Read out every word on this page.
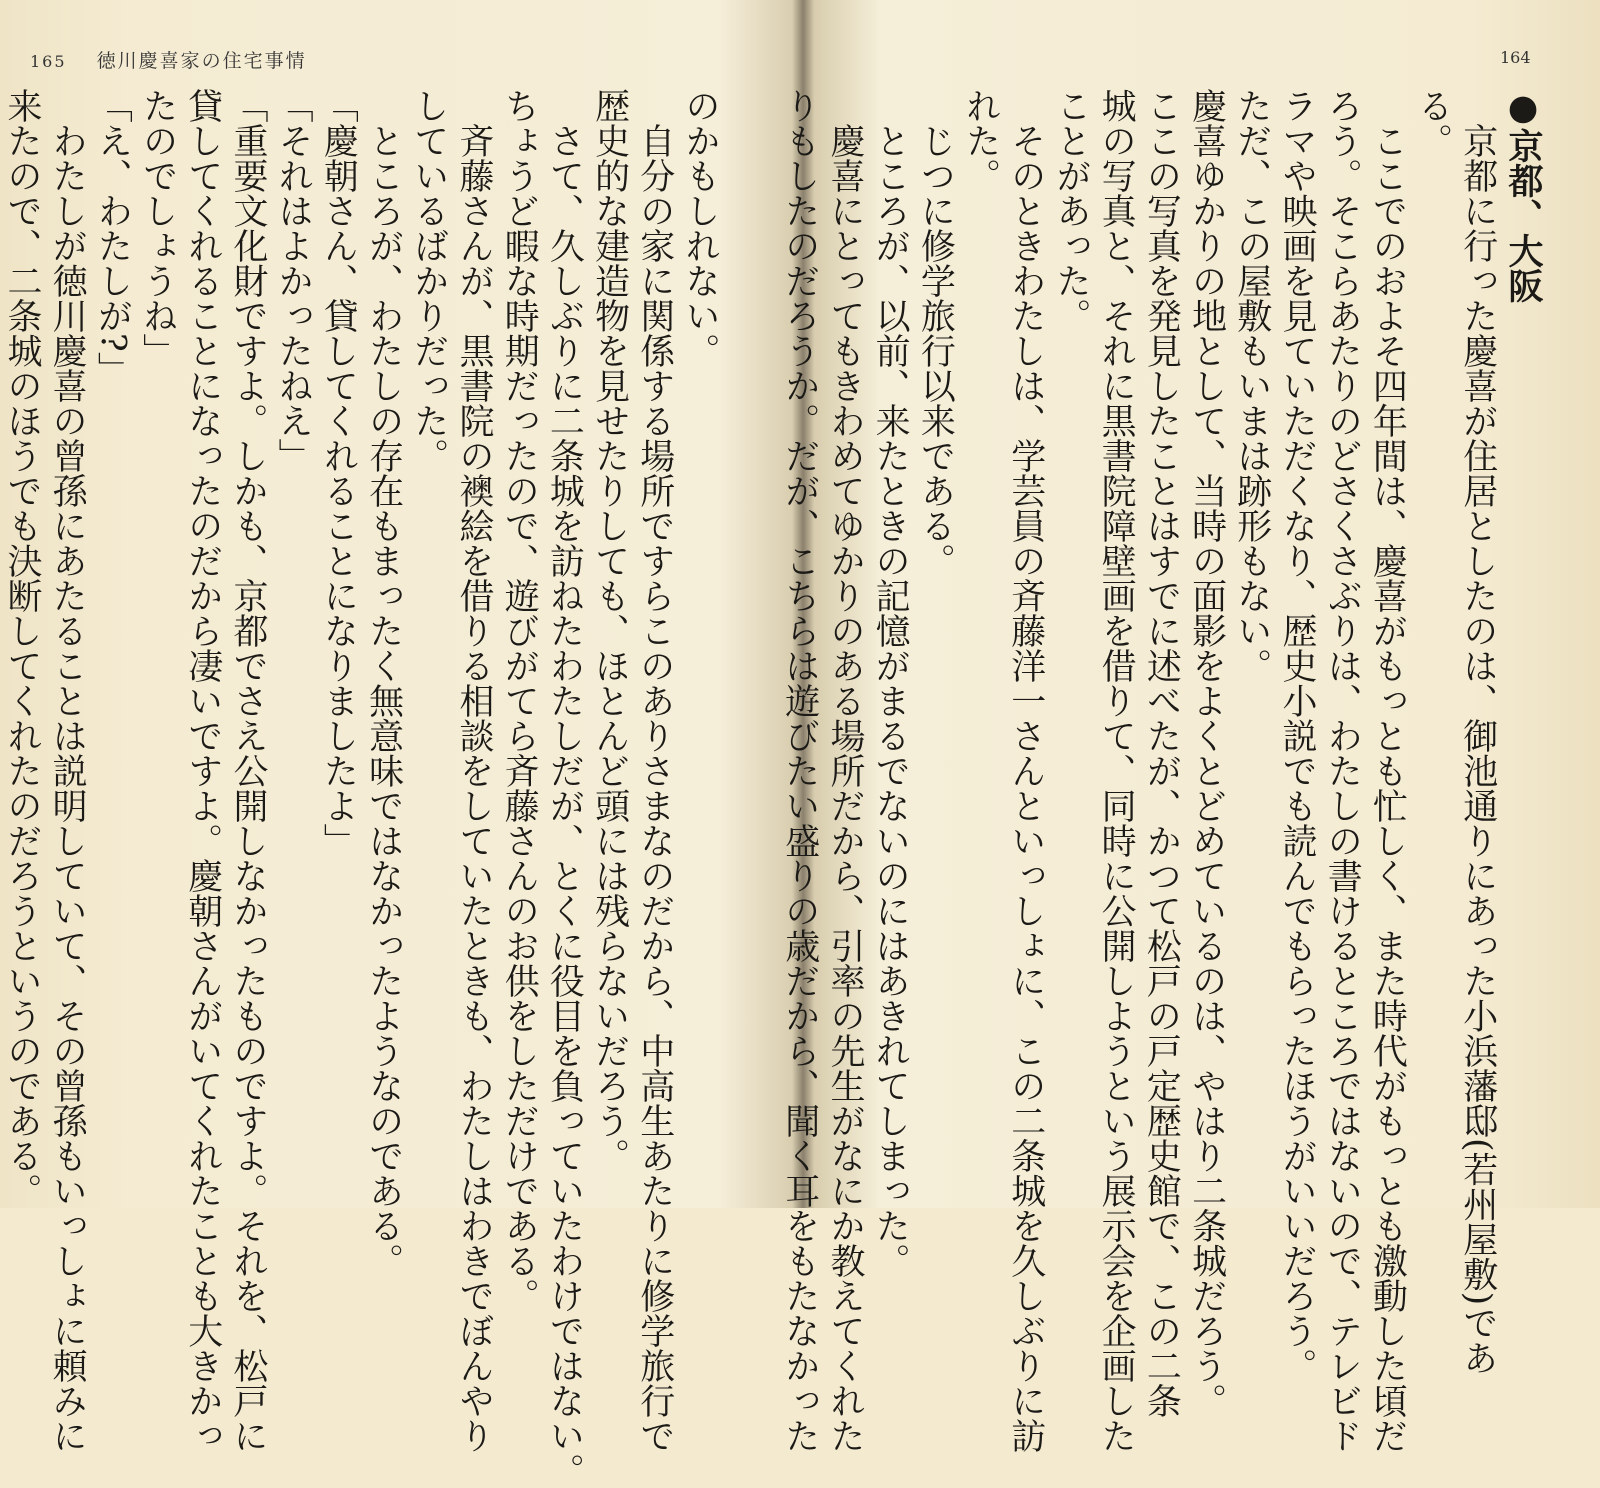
165 徳川慶喜家の住宅事情
のかもしれない。
自分の家に関係する場所ですらこのありさまなのだから、中高生あたりに修学旅行で
歴史的な建造物を見せたりしても、ほとんど頭には残らないだろう。
さて、久しぶりに二条城を訪ねたわたしだが、とくに役目を負っていたわけではない。
ちょうど暇な時期だったので、遊びがてら斉藤さんのお供をしただけである。
斉藤さんが、黒書院の襖絵を借りる相談をしていたときも、わたしはわきでぼんやり
しているばかりだった。
ところが、わたしの存在もまったく無意味ではなかったようなのである。
「慶朝さん、貸してくれることになりましたよ」
「それはよかったねえ」
「重要文化財ですよ。しかも、京都でさえ公開しなかったものですよ。それを、松戸に
貸してくれることになったのだから凄いですよ。慶朝さんがいてくれたことも大きかっ
たのでしょうね」
「え、わたしが?」
わたしが徳川慶喜の曾孫にあたることは説明していて、その曾孫もいっしょに頼みに
来たので、二条城のほうでも決断してくれたのだろうというのである。
164
●京都、大阪
京都に行った慶喜が住居としたのは、御池通りにあった小浜藩邸(若州屋敷)であ
る。
ここでのおよそ四年間は、慶喜がもっとも忙しく、また時代がもっとも激動した頃だ
ろう。そこらあたりのどさくさぶりは、わたしの書けるところではないので、テレビド
ラマや映画を見ていただくなり、歴史小説でも読んでもらったほうがいいだろう。
ただ、この屋敷もいまは跡形もない。
慶喜ゆかりの地として、当時の面影をよくとどめているのは、やはり二条城だろう。
ここの写真を発見したことはすでに述べたが、かつて松戸の戸定歴史館で、この二条
城の写真と、それに黒書院障壁画を借りて、同時に公開しようという展示会を企画した
ことがあった。
そのときわたしは、学芸員の斉藤洋一さんといっしょに、この二条城を久しぶりに訪
れた。
じつに修学旅行以来である。
ところが、以前、来たときの記憶がまるでないのにはあきれてしまった。
慶喜にとってもきわめてゆかりのある場所だから、引率の先生がなにか教えてくれた
りもしたのだろうか。だが、こちらは遊びたい盛りの歳だから、聞く耳をもたなかった
